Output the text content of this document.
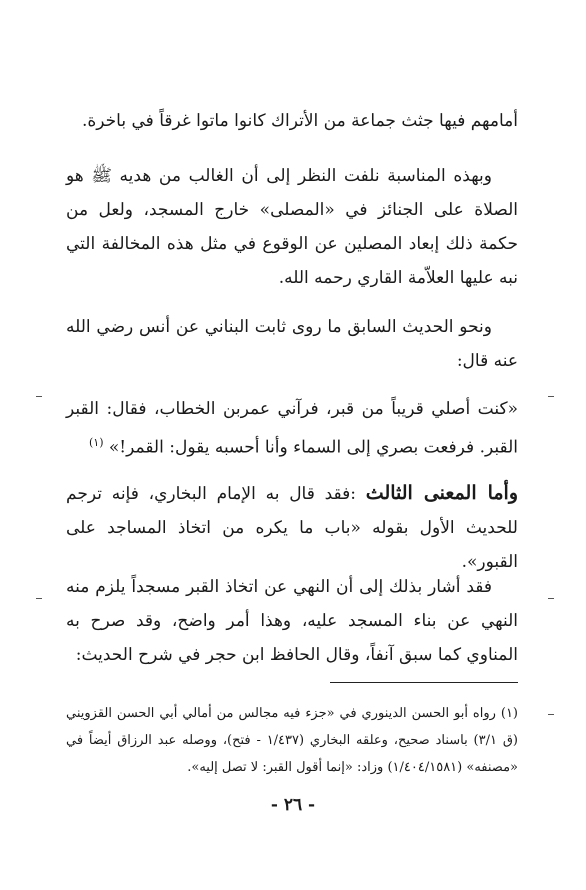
أمامهم فيها جثث جماعة من الأتراك كانوا ماتوا غرقاً في باخرة.

وبهذه المناسبة نلفت النظر إلى أن الغالب من هديه ﷺ هو الصلاة على الجنائز في «المصلى» خارج المسجد، ولعل من حكمة ذلك إبعاد المصلين عن الوقوع في مثل هذه المخالفة التي نبه عليها العلاّمة القاري رحمه الله.

ونحو الحديث السابق ما روى ثابت البناني عن أنس رضي الله عنه قال:

«كنت أصلي قريباً من قبر، فرآني عمربن الخطاب، فقال: القبر القبر. فرفعت بصري إلى السماء وأنا أحسبه يقول: القمر!» $^{(١)}$

وأما المعنى الثالث :فقد قال به الإمام البخاري، فإنه ترجم للحديث الأول بقوله «باب ما يكره من اتخاذ المساجد على القبور».

فقد أشار بذلك إلى أن النهي عن اتخاذ القبر مسجداً يلزم منه النهي عن بناء المسجد عليه، وهذا أمر واضح، وقد صرح به المناوي كما سبق آنفاً، وقال الحافظ ابن حجر في شرح الحديث:

(١) رواه أبو الحسن الدينوري في «جزء فيه مجالس من أمالي أبي الحسن القزويني (ق ٣/١) باسناد صحيح، وعلقه البخاري (١/٤٣٧ - فتح)، ووصله عبد الرزاق أيضاً في «مصنفه» (١/٤٠٤/١٥٨١) وزاد: «إنما أقول القبر: لا تصل إليه».

- ٢٦ -
